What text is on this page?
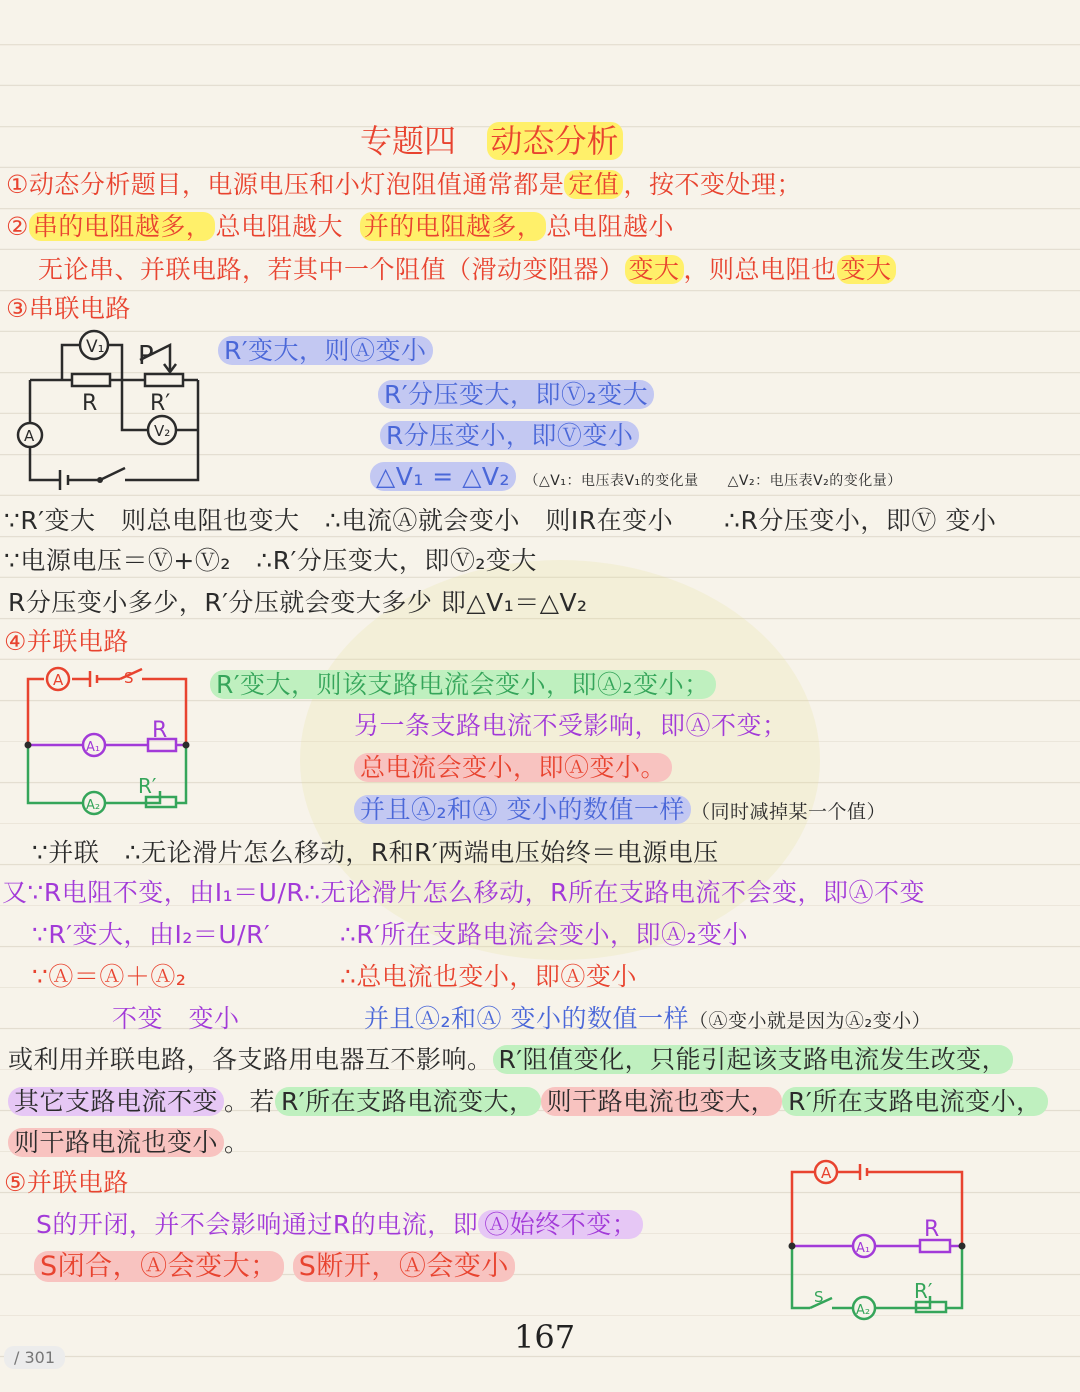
专题四 动态分析
①动态分析题目，电源电压和小灯泡阻值通常都是 定值 ，按不变处理；
② 串的电阻越多， 总电阻越大 并的电阻越多， 总电阻越小
无论串、并联电路，若其中一个阻值（滑动变阻器） 变大 ，则总电阻也 变大
③串联电路
V₁ P
R R′
A	V₂
R′变大，则Ⓐ变小
R′分压变大，即Ⓥ₂变大
R分压变小，即Ⓥ变小
△V₁ = △V₂ （△V₁：电压表V₁的变化量　　△V₂：电压表V₂的变化量）
∵R′变大　则总电阻也变大　∴电流Ⓐ就会变小　则IR在变小　　∴R分压变小，即Ⓥ 变小
∵电源电压＝Ⓥ+Ⓥ₂　∴R′分压变大，即Ⓥ₂变大
R分压变小多少，R′分压就会变大多少 即△V₁＝△V₂
④并联电路
A	S
A₁
R
A₂
R′
R′变大，则该支路电流会变小，即Ⓐ₂变小；
另一条支路电流不受影响，即Ⓐ不变；
总电流会变小，即Ⓐ变小。
并且Ⓐ₂和Ⓐ 变小的数值一样 （同时减掉某一个值）
∵并联　∴无论滑片怎么移动，R和R′两端电压始终＝电源电压
又∵R电阻不变，由I₁＝U/R∴无论滑片怎么移动，R所在支路电流不会变，即Ⓐ不变
∵R′变大，由I₂＝U/R′	∴R′所在支路电流会变小，即Ⓐ₂变小
∵Ⓐ＝Ⓐ＋Ⓐ₂	∴总电流也变小，即Ⓐ变小
不变　变小	并且Ⓐ₂和Ⓐ 变小的数值一样（Ⓐ变小就是因为Ⓐ₂变小）
或利用并联电路，各支路用电器互不影响。 R′阻值变化，只能引起该支路电流发生改变，
其它支路电流不变 。若 R′所在支路电流变大， 则干路电流也变大， R′所在支路电流变小，
则干路电流也变小 。
⑤并联电路
S的开闭，并不会影响通过R的电流，即 Ⓐ始终不变；
S闭合，Ⓐ会变大； S断开，Ⓐ会变小
A
A₁
R
S
A₂
R′
167
/ 301
